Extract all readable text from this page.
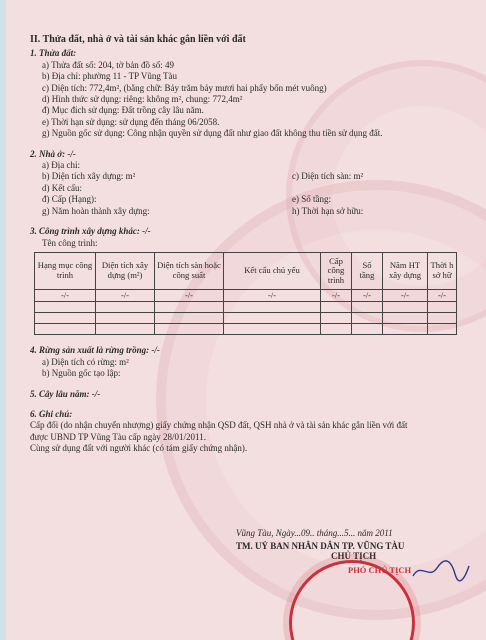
II. Thửa đất, nhà ở và tài sản khác gắn liền với đất
1. Thửa đất:
a) Thửa đất số: 204, tờ bản đồ số: 49
b) Địa chỉ: phường 11 - TP Vũng Tàu
c) Diện tích: 772,4m², (bằng chữ: Bảy trăm bảy mươi hai phẩy bốn mét vuông)
d) Hình thức sử dụng: riêng: không m², chung: 772,4m²
đ) Mục đích sử dụng: Đất trồng cây lâu năm.
e) Thời hạn sử dụng: sử dụng đến tháng 06/2058.
g) Nguồn gốc sử dụng: Công nhận quyền sử dụng đất như giao đất không thu tiền sử dụng đất.
2. Nhà ở: -/-
a) Địa chỉ:
b) Diện tích xây dựng: m²	c) Diện tích sàn: m²
d) Kết cấu:
đ) Cấp (Hạng):	e) Số tầng:
g) Năm hoàn thành xây dựng:	h) Thời hạn sở hữu:
3. Công trình xây dựng khác: -/-
Tên công trình:
Hạng mục công trình	Diện tích xây dựng (m²)	Diện tích sàn hoặc công suất	Kết cấu chủ yếu	Cấp công trình	Số tầng	Năm HT xây dựng	Thời h sở hữ
-/-	-/-	-/-	-/-	-/-	-/-	-/-	-/-

4. Rừng sản xuất là rừng trồng: -/-
a) Diện tích có rừng: m²
b) Nguồn gốc tạo lập:
5. Cây lâu năm: -/-
6. Ghi chú:
Cấp đổi (do nhận chuyển nhượng) giấy chứng nhận QSD đất, QSH nhà ở và tài sản khác gắn liền với đất
được UBND TP Vũng Tàu cấp ngày 28/01/2011.
Cùng sử dụng đất với người khác (có tám giấy chứng nhận).
Vũng Tàu, Ngày...09.. tháng...5... năm 2011
TM. UỶ BAN NHÂN DÂN TP. VŨNG TÀU
CHỦ TỊCH
PHÓ CHỦ TỊCH
